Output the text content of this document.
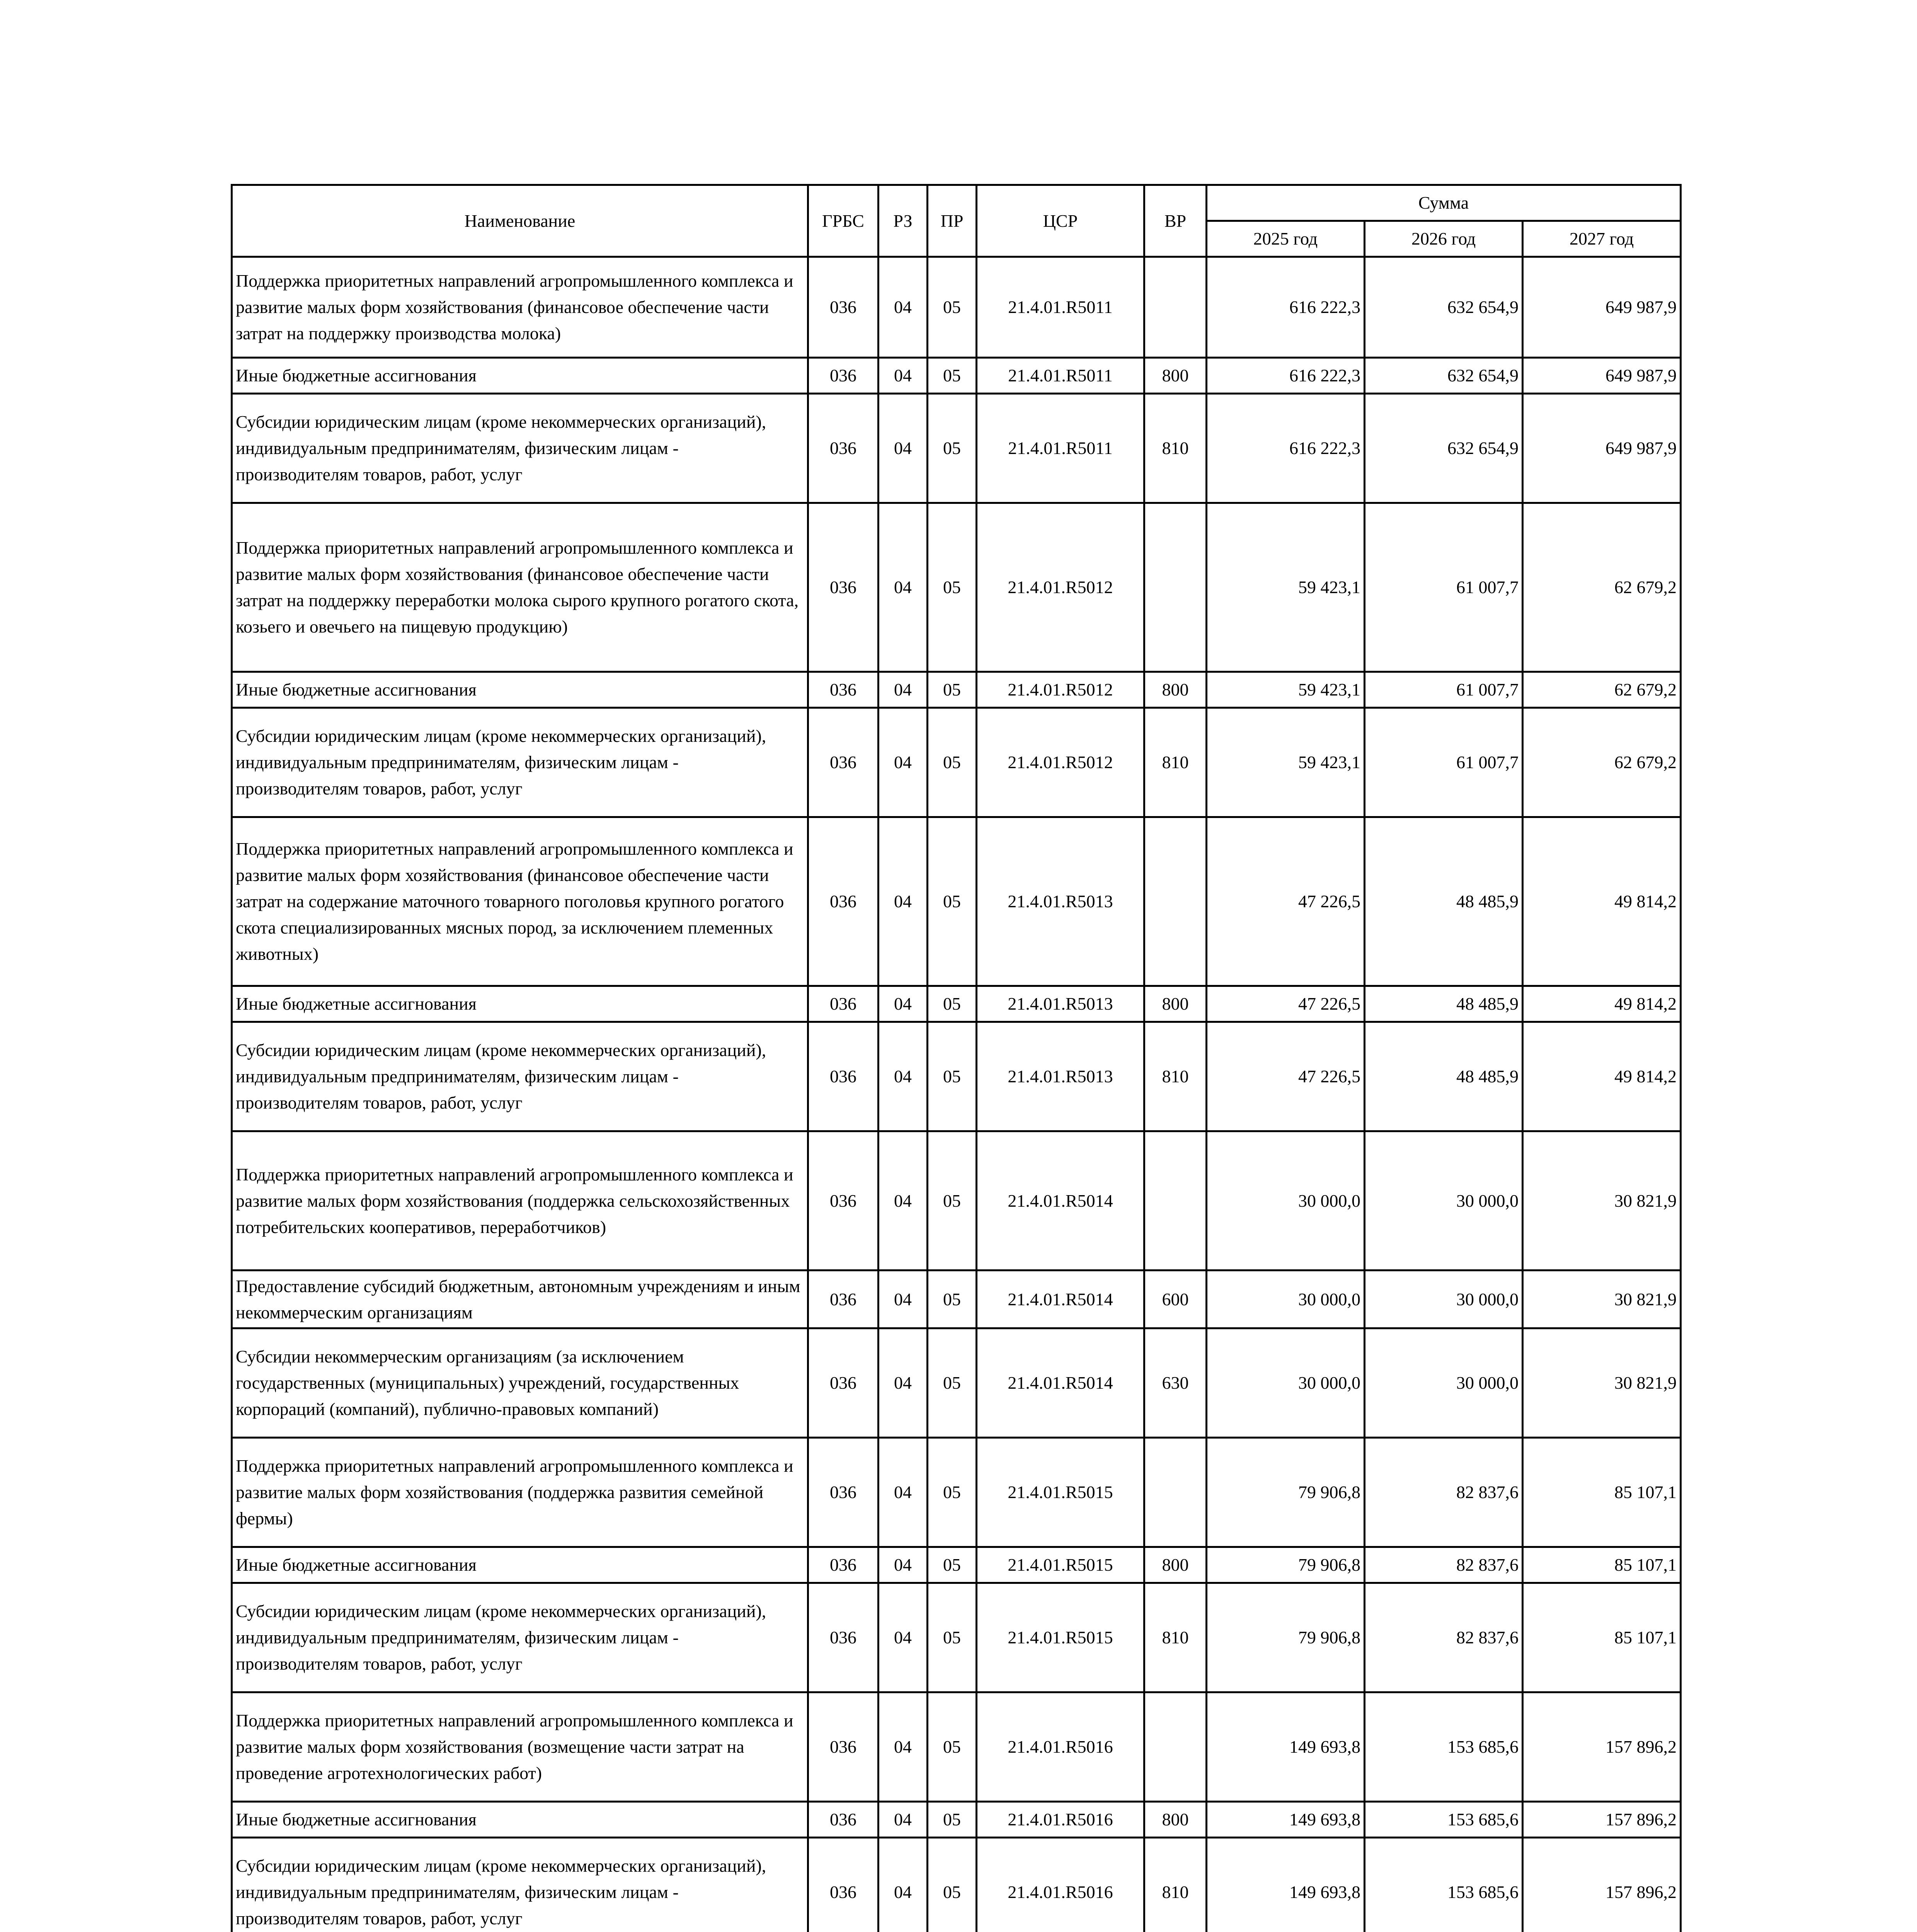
Наименование	ГРБС	РЗ	ПР	ЦСР	ВР	Сумма		
						2025 год	2026 год	2027 год
Поддержка приоритетных направлений агропромышленного комплекса и развитие малых форм хозяйствования (финансовое обеспечение части затрат на поддержку производства молока)	036	04	05	21.4.01.R5011		616 222,3	632 654,9	649 987,9
Иные бюджетные ассигнования	036	04	05	21.4.01.R5011	800	616 222,3	632 654,9	649 987,9
Субсидии юридическим лицам (кроме некоммерческих организаций), индивидуальным предпринимателям, физическим лицам - производителям товаров, работ, услуг	036	04	05	21.4.01.R5011	810	616 222,3	632 654,9	649 987,9
Поддержка приоритетных направлений агропромышленного комплекса и развитие малых форм хозяйствования (финансовое обеспечение части затрат на поддержку переработки молока сырого крупного рогатого скота, козьего и овечьего на пищевую продукцию)	036	04	05	21.4.01.R5012		59 423,1	61 007,7	62 679,2
Иные бюджетные ассигнования	036	04	05	21.4.01.R5012	800	59 423,1	61 007,7	62 679,2
Субсидии юридическим лицам (кроме некоммерческих организаций), индивидуальным предпринимателям, физическим лицам - производителям товаров, работ, услуг	036	04	05	21.4.01.R5012	810	59 423,1	61 007,7	62 679,2
Поддержка приоритетных направлений агропромышленного комплекса и развитие малых форм хозяйствования (финансовое обеспечение части затрат на содержание маточного товарного поголовья крупного рогатого скота специализированных мясных пород, за исключением племенных животных)	036	04	05	21.4.01.R5013		47 226,5	48 485,9	49 814,2
Иные бюджетные ассигнования	036	04	05	21.4.01.R5013	800	47 226,5	48 485,9	49 814,2
Субсидии юридическим лицам (кроме некоммерческих организаций), индивидуальным предпринимателям, физическим лицам - производителям товаров, работ, услуг	036	04	05	21.4.01.R5013	810	47 226,5	48 485,9	49 814,2
Поддержка приоритетных направлений агропромышленного комплекса и развитие малых форм хозяйствования (поддержка сельскохозяйственных потребительских кооперативов, переработчиков)	036	04	05	21.4.01.R5014		30 000,0	30 000,0	30 821,9
Предоставление субсидий бюджетным, автономным учреждениям и иным некоммерческим организациям	036	04	05	21.4.01.R5014	600	30 000,0	30 000,0	30 821,9
Субсидии некоммерческим организациям (за исключением государственных (муниципальных) учреждений, государственных корпораций (компаний), публично-правовых компаний)	036	04	05	21.4.01.R5014	630	30 000,0	30 000,0	30 821,9
Поддержка приоритетных направлений агропромышленного комплекса и развитие малых форм хозяйствования (поддержка развития семейной фермы)	036	04	05	21.4.01.R5015		79 906,8	82 837,6	85 107,1
Иные бюджетные ассигнования	036	04	05	21.4.01.R5015	800	79 906,8	82 837,6	85 107,1
Субсидии юридическим лицам (кроме некоммерческих организаций), индивидуальным предпринимателям, физическим лицам - производителям товаров, работ, услуг	036	04	05	21.4.01.R5015	810	79 906,8	82 837,6	85 107,1
Поддержка приоритетных направлений агропромышленного комплекса и развитие малых форм хозяйствования (возмещение части затрат на проведение агротехнологических работ)	036	04	05	21.4.01.R5016		149 693,8	153 685,6	157 896,2
Иные бюджетные ассигнования	036	04	05	21.4.01.R5016	800	149 693,8	153 685,6	157 896,2
Субсидии юридическим лицам (кроме некоммерческих организаций), индивидуальным предпринимателям, физическим лицам - производителям товаров, работ, услуг	036	04	05	21.4.01.R5016	810	149 693,8	153 685,6	157 896,2
